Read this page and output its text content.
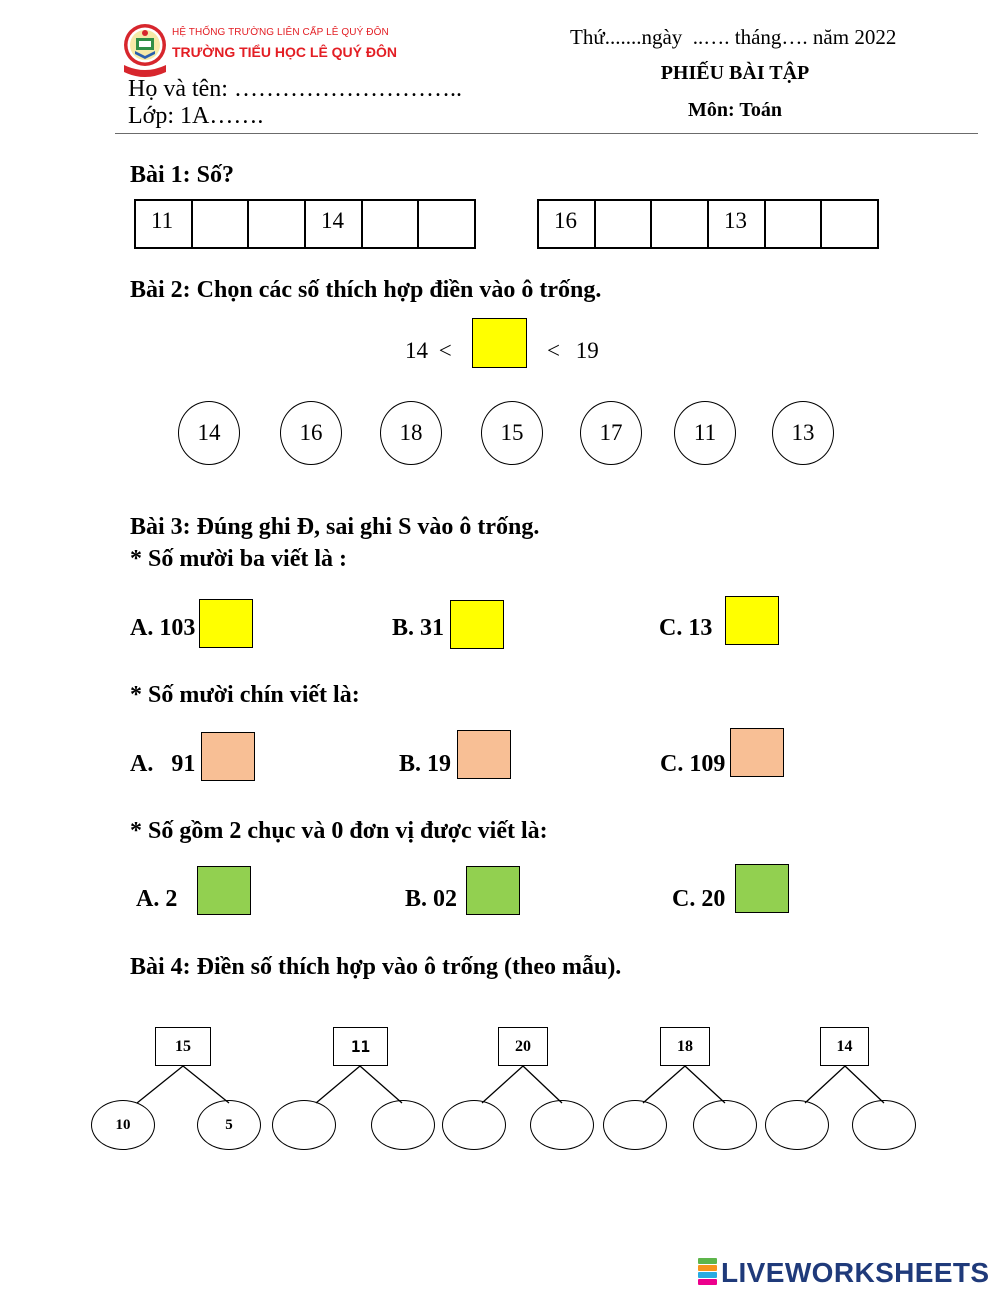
HỆ THỐNG TRƯỜNG LIÊN CẤP LÊ QUÝ ĐÔN
TRƯỜNG TIỂU HỌC LÊ QUÝ ĐÔN
Họ và tên: ………………………..
Lớp: 1A…….
Thứ.......ngày  ..…. tháng…. năm 2022
PHIẾU BÀI TẬP
Môn: Toán
Bài 1: Số?
11	14	16	13
Bài 2: Chọn các số thích hợp điền vào ô trống.
14 <	< 19
14	16	18	15	17	11	13
Bài 3: Đúng ghi Đ, sai ghi S vào ô trống.
* Số mười ba viết là :
A. 103	B. 31	C. 13
* Số mười chín viết là:
A.   91	B. 19	C. 109
* Số gồm 2 chục và 0 đơn vị được viết là:
A. 2	B. 02	C. 20
Bài 4: Điền số thích hợp vào ô trống (theo mẫu).
15
10	5
11	20	18	14
LIVEWORKSHEETS
